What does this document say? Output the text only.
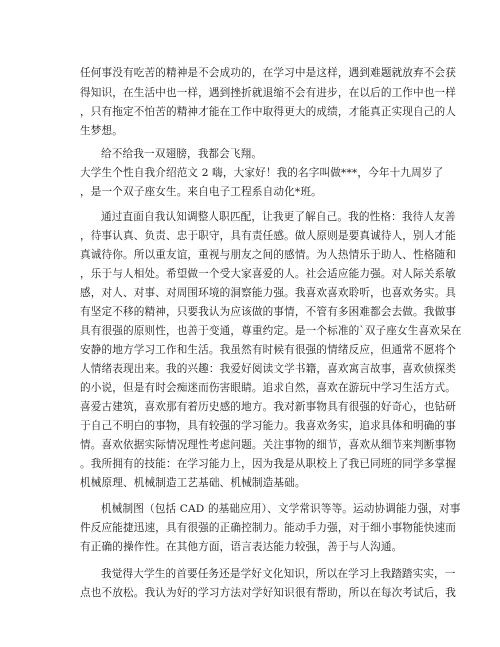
任何事没有吃苦的精神是不会成功的，在学习中是这样，遇到难题就放弃不会获
得知识，在生活中也一样，遇到挫折就退缩不会有进步，在以后的工作中也一样
，只有拖定不怕苦的精神才能在工作中取得更大的成绩，才能真正实现自己的人
生梦想。
给不给我一双翅膀，我都会飞翔。
大学生个性自我介绍范文 2 嗨，大家好！我的名字叫做***，今年十九周岁了
，是一个双子座女生。来自电子工程系自动化*班。
通过直面自我认知调整人职匹配，让我更了解自己。我的性格：我待人友善
，待事认真、负责、忠于职守，具有责任感。做人原则是要真诚待人，别人才能
真诚待你。所以重友谊，重视与朋友之间的感情。为人热情乐于助人、性格随和
，乐于与人相处。希望做一个受大家喜爱的人。社会适应能力强。对人际关系敏
感，对人、对事、对周围环境的洞察能力强。我喜欢喜欢聆听，也喜欢务实。具
有坚定不移的精神，只要我认为应该做的事情，不管有多困难都会去做。我做事
具有很强的原则性，也善于变通，尊重约定。是一个标准的`双子座女生喜欢呆在
安静的地方学习工作和生活。我虽然有时候有很强的情绪反应，但通常不愿将个
人情绪表现出来。我的兴趣：我爱好阅读文学书籍，喜欢寓言故事，喜欢侦探类
的小说，但是有时会痴迷而伤害眼睛。追求自然，喜欢在游玩中学习生活方式。
喜爱古建筑，喜欢那有着历史感的地方。我对新事物具有很强的好奇心，也钻研
于自己不明白的事物，具有较强的学习能力。我喜欢务实，追求具体和明确的事
情。喜欢依据实际情况理性考虑问题。关注事物的细节，喜欢从细节来判断事物
。我所拥有的技能：在学习能力上，因为我是从职校上了我已同班的同学多掌握
机械原理、机械制造工艺基础、机械制造基础。
机械制图（包括 CAD 的基础应用）、文学常识等等。运动协调能力强，对事
件反应能捷迅速，具有很强的正确控制力。能动手力强，对于细小事物能快速而
有正确的操作性。在其他方面，语言表达能力较强，善于与人沟通。
我觉得大学生的首要任务还是学好文化知识，所以在学习上我踏踏实实，一
点也不放松。我认为好的学习方法对学好知识很有帮助，所以在每次考试后，我
